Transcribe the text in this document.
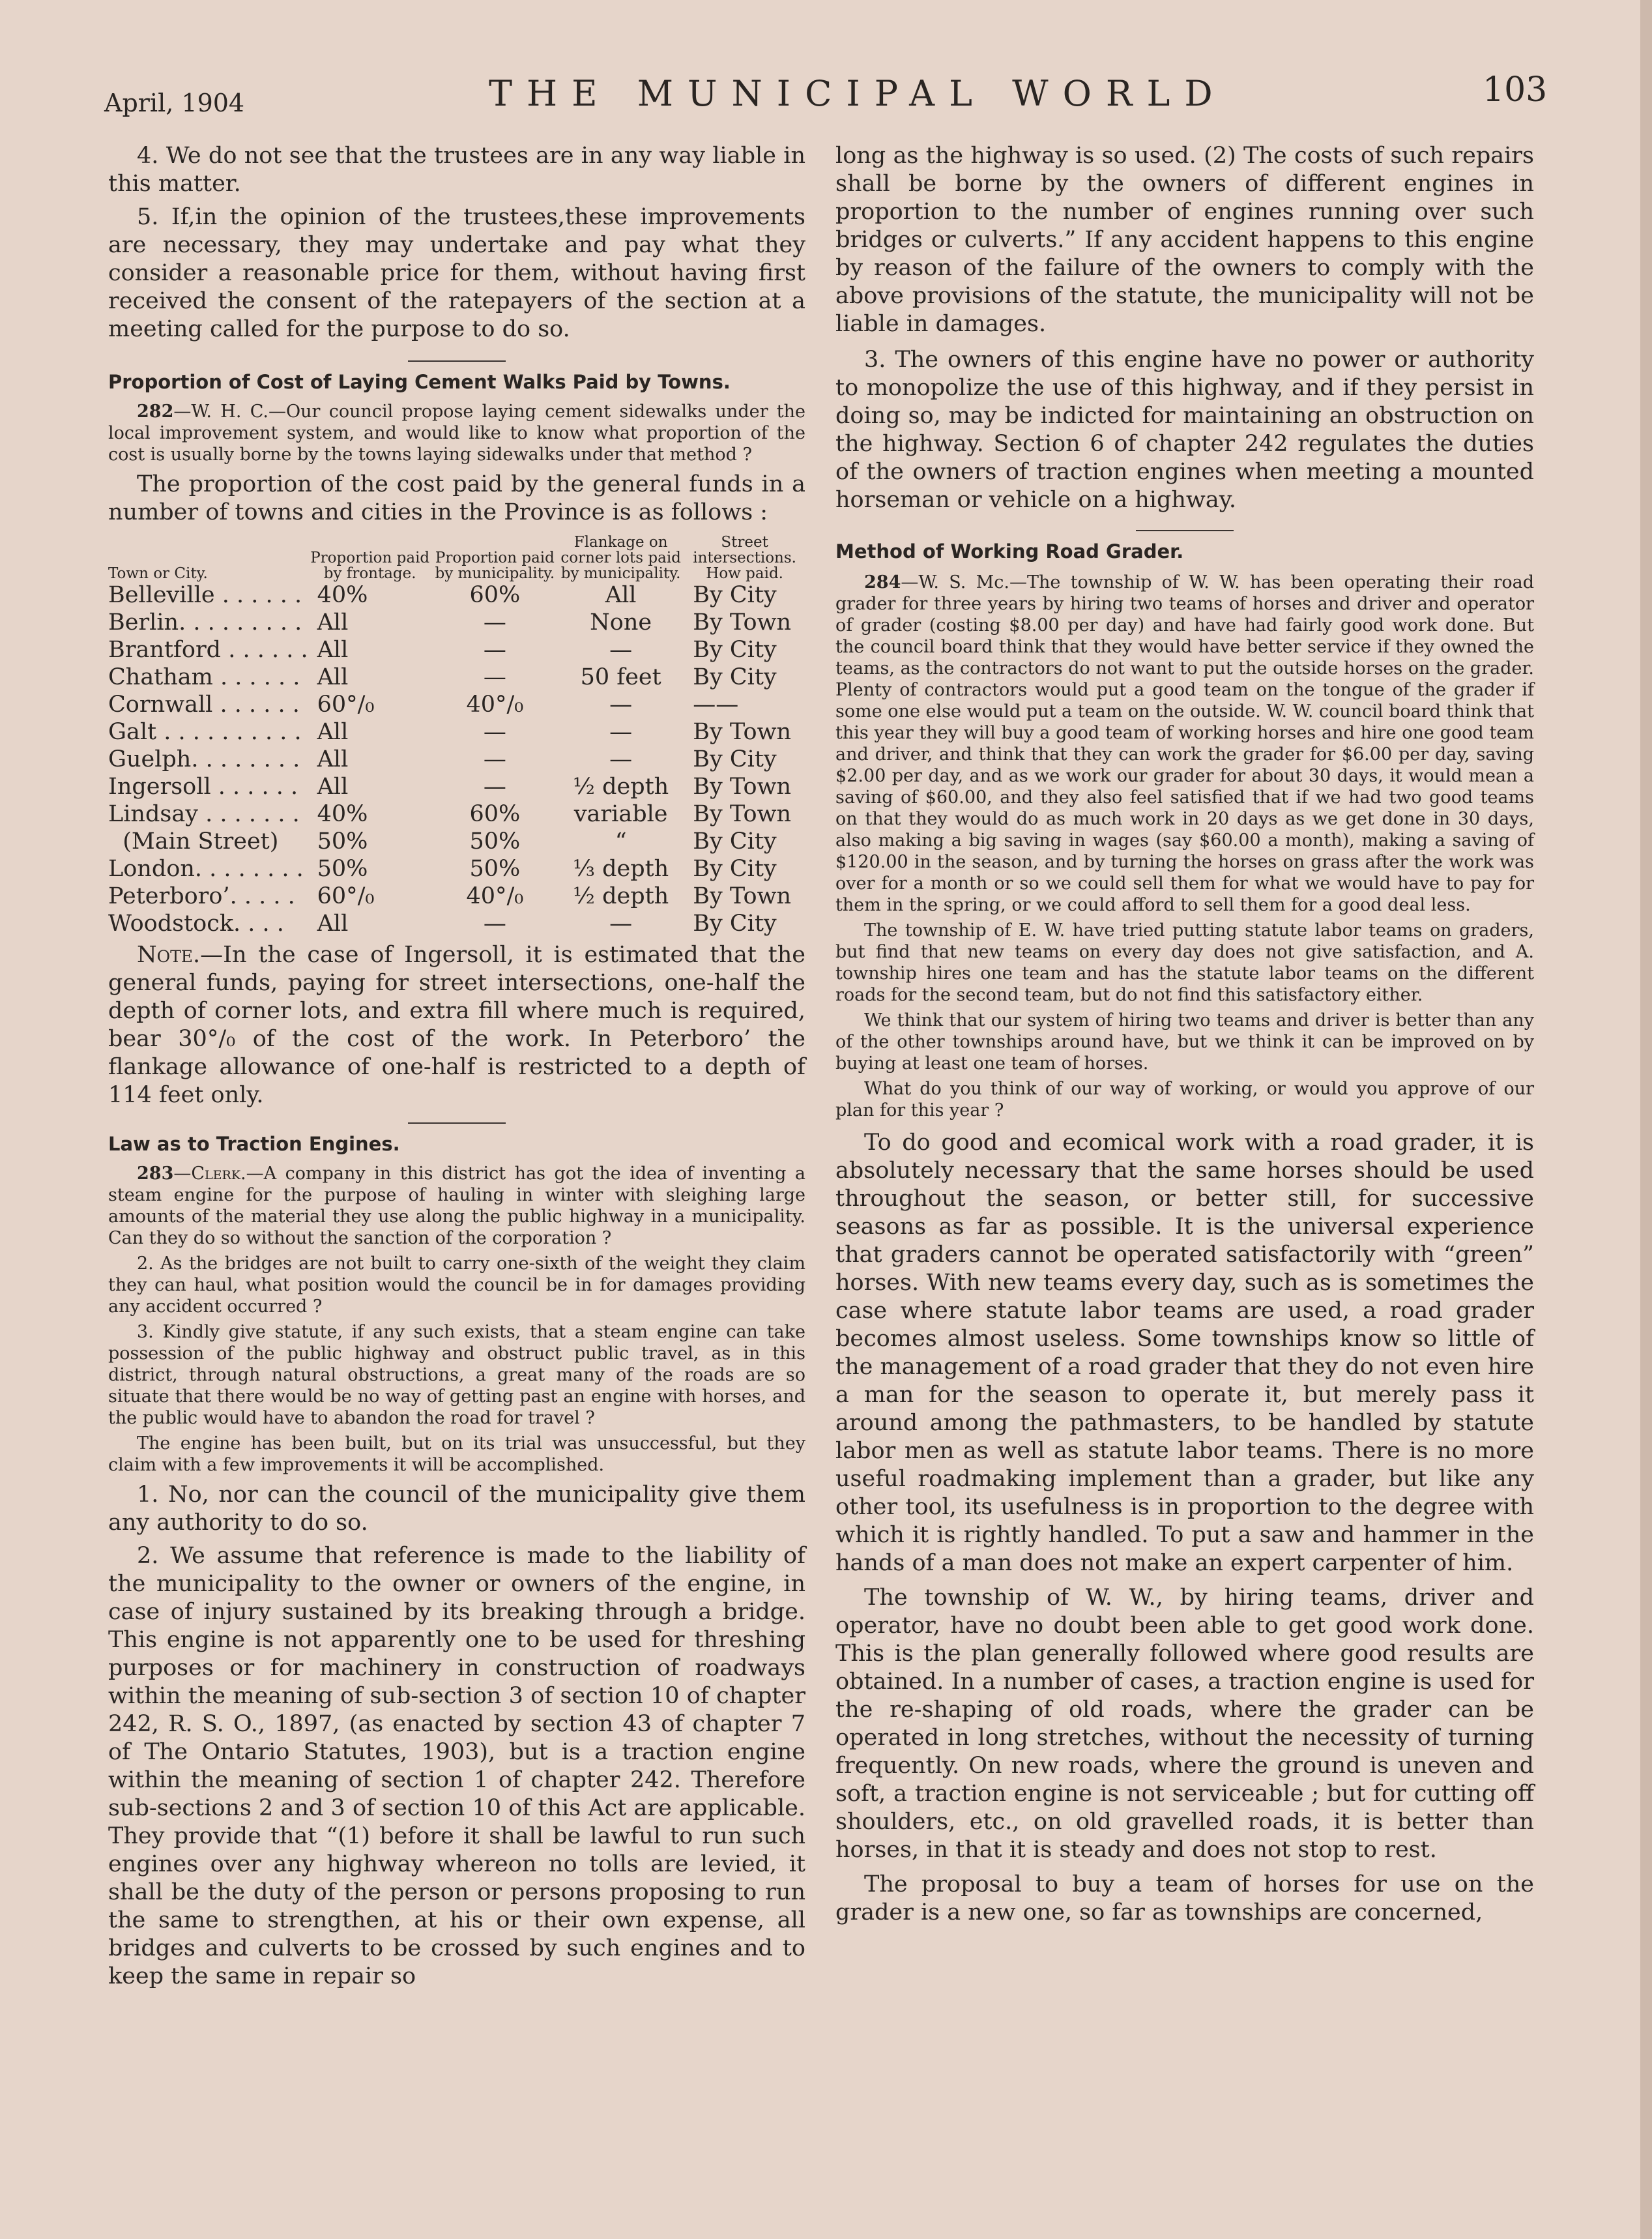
April, 1904	THE MUNICIPAL WORLD	103

4. We do not see that the trustees are in any way liable in this matter.

5. If,in the opinion of the trustees,these improvements are necessary, they may undertake and pay what they consider a reasonable price for them, without having first received the consent of the ratepayers of the section at a meeting called for the purpose to do so.

Proportion of Cost of Laying Cement Walks Paid by Towns.

282—W. H. C.—Our council propose laying cement sidewalks under the local improvement system, and would like to know what proportion of the cost is usually borne by the towns laying sidewalks under that method ?

The proportion of the cost paid by the general funds in a number of towns and cities in the Province is as follows :

Town or City.	Proportion paid by frontage.	Proportion paid by municipality.	Flankage on corner lots paid by municipality.	Street intersections. How paid.
Belleville . . . . . .	40%	60%	All	By City
Berlin. . . . . . . . .	All	—	None	By Town
Brantford . . . . . .	All	—	—	By City
Chatham . . . . . .	All	—	50 feet	By City
Cornwall . . . . . .	60°/₀	40°/₀	—	——
Galt . . . . . . . . . .	All	—	—	By Town
Guelph. . . . . . . .	All	—	—	By City
Ingersoll . . . . . .	All	—	½ depth	By Town
Lindsay . . . . . . .	40%	60%	variable	By Town
(Main Street)	50%	50%	“	By City
London. . . . . . . .	50%	50%	⅓ depth	By City
Peterboro’. . . . .	60°/₀	40°/₀	½ depth	By Town
Woodstock. . . .	All	—	—	By City

Note.—In the case of Ingersoll, it is estimated that the general funds, paying for street intersections, one-half the depth of corner lots, and extra fill where much is required, bear 30°/₀ of the cost of the work. In Peterboro’ the flankage allowance of one-half is restricted to a depth of 114 feet only.

Law as to Traction Engines.

283—Clerk.—A company in this district has got the idea of inventing a steam engine for the purpose of hauling in winter with sleighing large amounts of the material they use along the public highway in a municipality. Can they do so without the sanction of the corporation ?

2. As the bridges are not built to carry one-sixth of the weight they claim they can haul, what position would the council be in for damages providing any accident occurred ?

3. Kindly give statute, if any such exists, that a steam engine can take possession of the public highway and obstruct public travel, as in this district, through natural obstructions, a great many of the roads are so situate that there would be no way of getting past an engine with horses, and the public would have to abandon the road for travel ?

The engine has been built, but on its trial was unsuccessful, but they claim with a few improvements it will be accomplished.

1. No, nor can the council of the municipality give them any authority to do so.

2. We assume that reference is made to the liability of the municipality to the owner or owners of the engine, in case of injury sustained by its breaking through a bridge. This engine is not apparently one to be used for threshing purposes or for machinery in construction of roadways within the meaning of sub-section 3 of section 10 of chapter 242, R. S. O., 1897, (as enacted by section 43 of chapter 7 of The Ontario Statutes, 1903), but is a traction engine within the meaning of section 1 of chapter 242. Therefore sub-sections 2 and 3 of section 10 of this Act are applicable. They provide that “(1) before it shall be lawful to run such engines over any highway whereon no tolls are levied, it shall be the duty of the person or persons proposing to run the same to strengthen, at his or their own expense, all bridges and culverts to be crossed by such engines and to keep the same in repair so

long as the highway is so used. (2) The costs of such repairs shall be borne by the owners of different engines in proportion to the number of engines running over such bridges or culverts.” If any accident happens to this engine by reason of the failure of the owners to comply with the above provisions of the statute, the municipality will not be liable in damages.

3. The owners of this engine have no power or authority to monopolize the use of this highway, and if they persist in doing so, may be indicted for maintaining an obstruction on the highway. Section 6 of chapter 242 regulates the duties of the owners of traction engines when meeting a mounted horseman or vehicle on a highway.

Method of Working Road Grader.

284—W. S. Mc.—The township of W. W. has been operating their road grader for three years by hiring two teams of horses and driver and operator of grader (costing $8.00 per day) and have had fairly good work done. But the council board think that they would have better service if they owned the teams, as the contractors do not want to put the outside horses on the grader. Plenty of contractors would put a good team on the tongue of the grader if some one else would put a team on the outside. W. W. council board think that this year they will buy a good team of working horses and hire one good team and driver, and think that they can work the grader for $6.00 per day, saving $2.00 per day, and as we work our grader for about 30 days, it would mean a saving of $60.00, and they also feel satisfied that if we had two good teams on that they would do as much work in 20 days as we get done in 30 days, also making a big saving in wages (say $60.00 a month), making a saving of $120.00 in the season, and by turning the horses on grass after the work was over for a month or so we could sell them for what we would have to pay for them in the spring, or we could afford to sell them for a good deal less.

The township of E. W. have tried putting statute labor teams on graders, but find that new teams on every day does not give satisfaction, and A. township hires one team and has the statute labor teams on the different roads for the second team, but do not find this satisfactory either.

We think that our system of hiring two teams and driver is better than any of the other townships around have, but we think it can be improved on by buying at least one team of horses.

What do you think of our way of working, or would you approve of our plan for this year ?

To do good and ecomical work with a road grader, it is absolutely necessary that the same horses should be used throughout the season, or better still, for successive seasons as far as possible. It is the universal experience that graders cannot be operated satisfactorily with “green” horses. With new teams every day, such as is sometimes the case where statute labor teams are used, a road grader becomes almost useless. Some townships know so little of the management of a road grader that they do not even hire a man for the season to operate it, but merely pass it around among the pathmasters, to be handled by statute labor men as well as statute labor teams. There is no more useful roadmaking implement than a grader, but like any other tool, its usefulness is in proportion to the degree with which it is rightly handled. To put a saw and hammer in the hands of a man does not make an expert carpenter of him.

The township of W. W., by hiring teams, driver and operator, have no doubt been able to get good work done. This is the plan generally followed where good results are obtained. In a number of cases, a traction engine is used for the re-shaping of old roads, where the grader can be operated in long stretches, without the necessity of turning frequently. On new roads, where the ground is uneven and soft, a traction engine is not serviceable ; but for cutting off shoulders, etc., on old gravelled roads, it is better than horses, in that it is steady and does not stop to rest.

The proposal to buy a team of horses for use on the grader is a new one, so far as townships are concerned,
